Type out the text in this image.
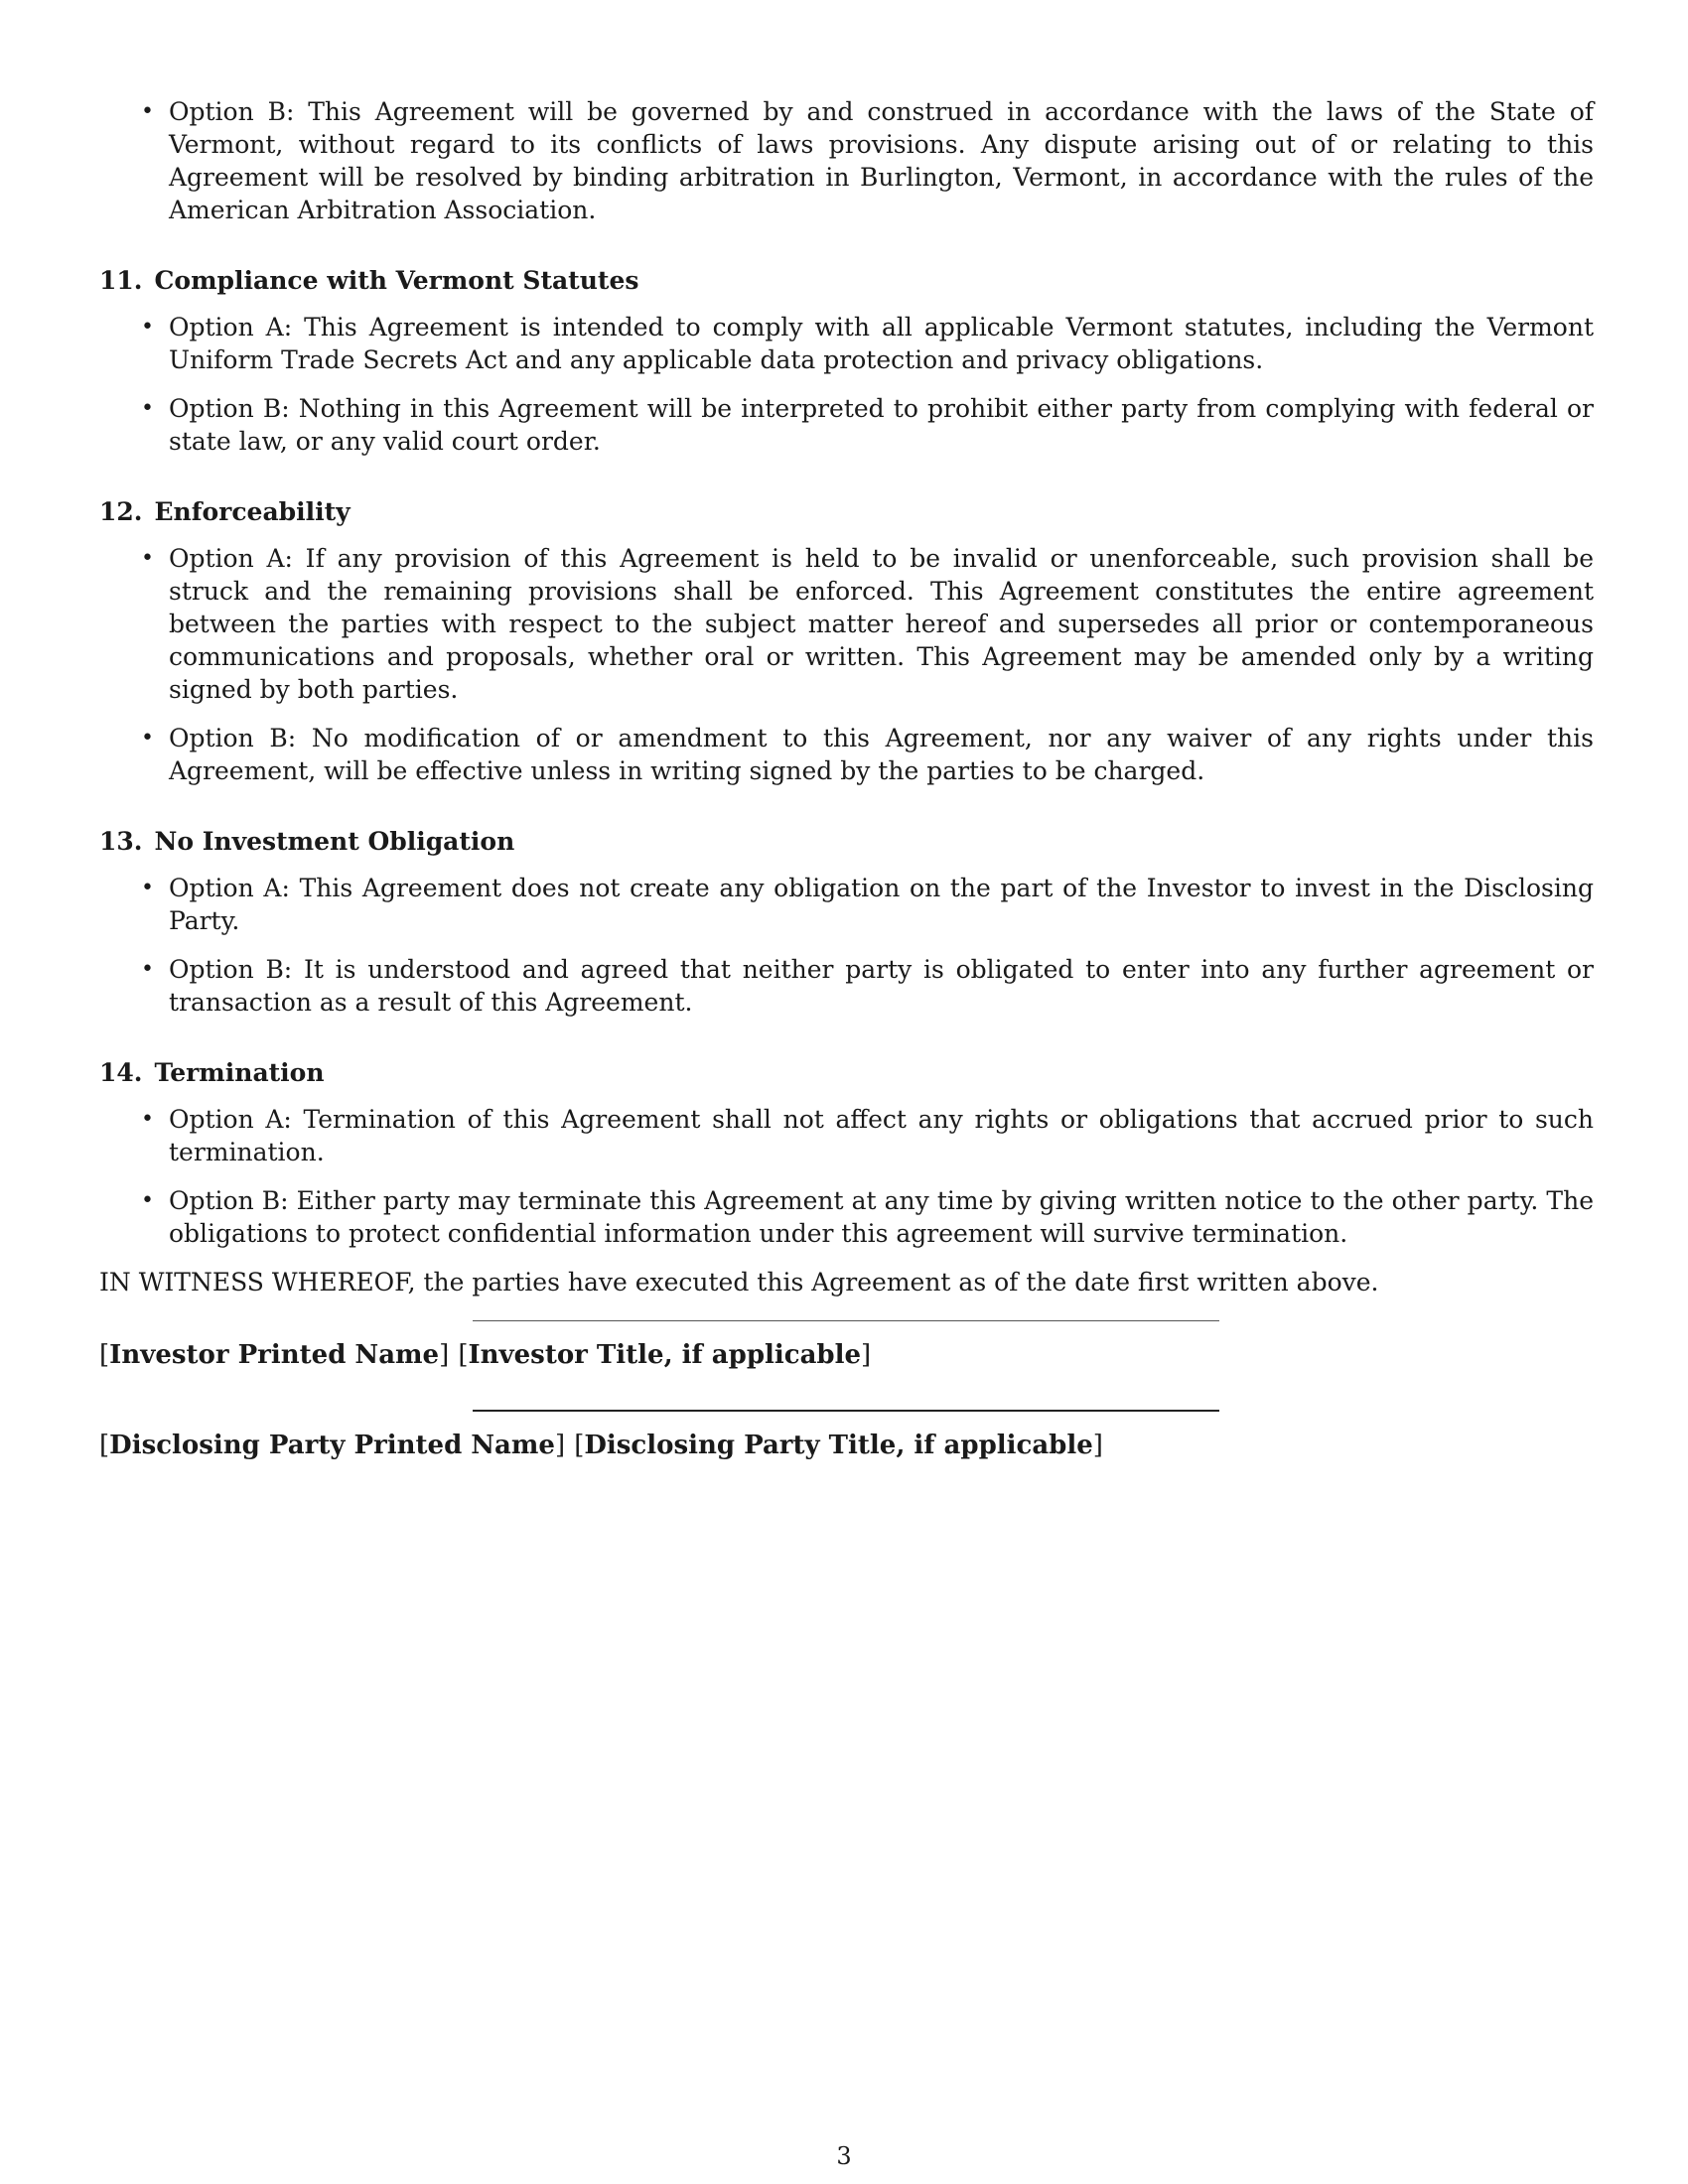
• Option B: This Agreement will be governed by and construed in accordance with the laws of the State of Vermont, without regard to its conflicts of laws provisions. Any dispute arising out of or relating to this Agreement will be resolved by binding arbitration in Burlington, Vermont, in accordance with the rules of the American Arbitration Association.
11. Compliance with Vermont Statutes
• Option A: This Agreement is intended to comply with all applicable Vermont statutes, including the Vermont Uniform Trade Secrets Act and any applicable data protection and privacy obligations.
• Option B: Nothing in this Agreement will be interpreted to prohibit either party from complying with federal or state law, or any valid court order.
12. Enforceability
• Option A: If any provision of this Agreement is held to be invalid or unenforceable, such provision shall be struck and the remaining provisions shall be enforced. This Agreement constitutes the entire agreement between the parties with respect to the subject matter hereof and supersedes all prior or contemporaneous communications and proposals, whether oral or written. This Agreement may be amended only by a writing signed by both parties.
• Option B: No modification of or amendment to this Agreement, nor any waiver of any rights under this Agreement, will be effective unless in writing signed by the parties to be charged.
13. No Investment Obligation
• Option A: This Agreement does not create any obligation on the part of the Investor to invest in the Disclosing Party.
• Option B: It is understood and agreed that neither party is obligated to enter into any further agreement or transaction as a result of this Agreement.
14. Termination
• Option A: Termination of this Agreement shall not affect any rights or obligations that accrued prior to such termination.
• Option B: Either party may terminate this Agreement at any time by giving written notice to the other party. The obligations to protect confidential information under this agreement will survive termination.
IN WITNESS WHEREOF, the parties have executed this Agreement as of the date first written above.
[Investor Printed Name] [Investor Title, if applicable]
[Disclosing Party Printed Name] [Disclosing Party Title, if applicable]
3
